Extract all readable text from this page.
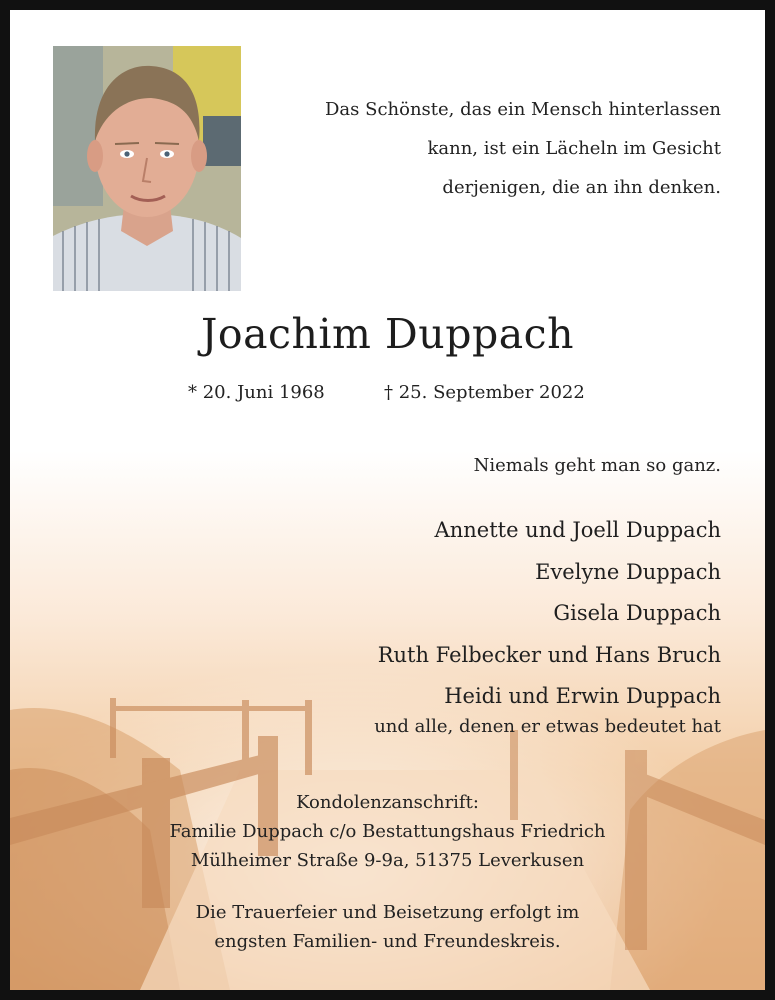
Das Schönste, das ein Mensch hinterlassen
kann, ist ein Lächeln im Gesicht
derjenigen, die an ihn denken.

Joachim Duppach
* 20. Juni 1968	† 25. September 2022
Niemals geht man so ganz.
Annette und Joell Duppach
Evelyne Duppach
Gisela Duppach
Ruth Felbecker und Hans Bruch
Heidi und Erwin Duppach
und alle, denen er etwas bedeutet hat
Kondolenzanschrift:
Familie Duppach c/o Bestattungshaus Friedrich
Mülheimer Straße 9-9a, 51375 Leverkusen
Die Trauerfeier und Beisetzung erfolgt im
engsten Familien- und Freundeskreis.
